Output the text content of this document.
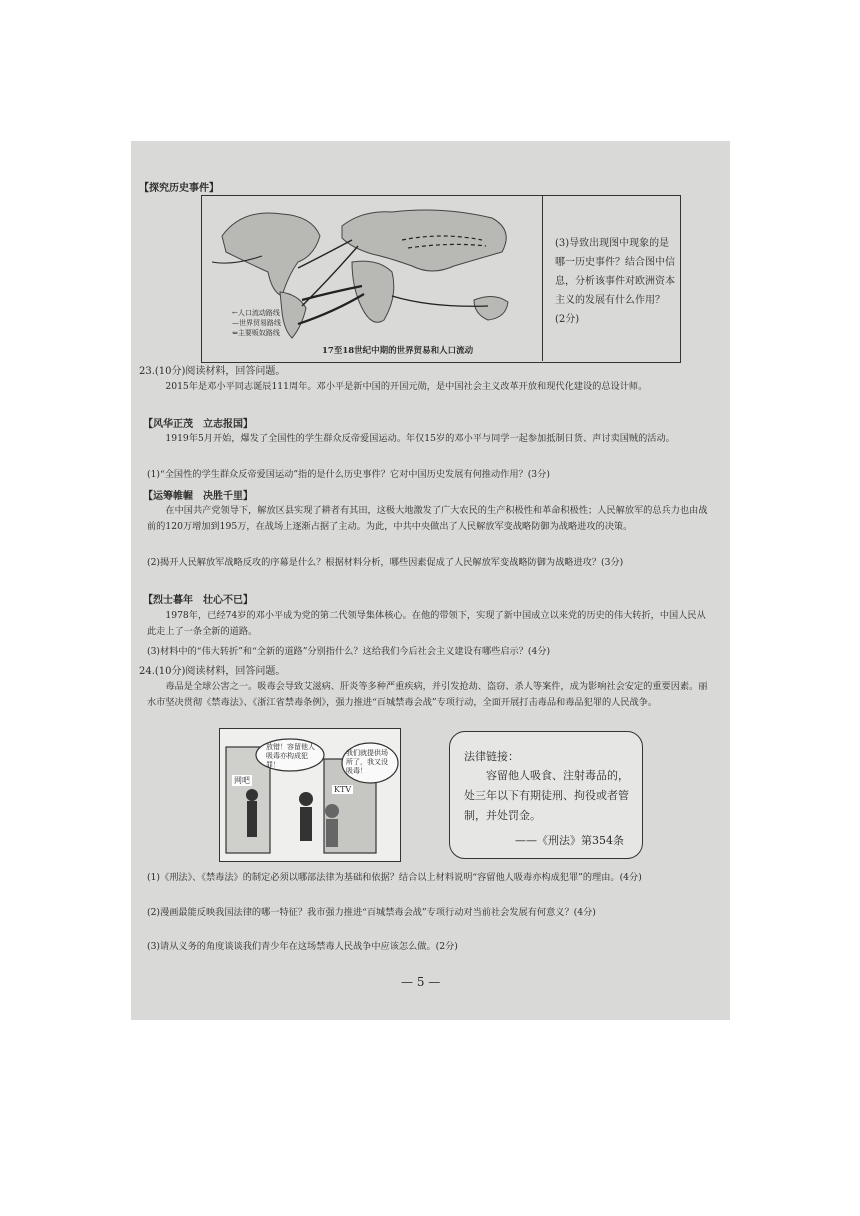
【探究历史事件】
←人口流动路线
—世界贸易路线
⇐主要贩奴路线
17至18世纪中期的世界贸易和人口流动
(3)导致出现图中现象的是哪一历史事件？结合图中信息，分析该事件对欧洲资本主义的发展有什么作用？(2分)
23.(10分)阅读材料，回答问题。
2015年是邓小平同志诞辰111周年。邓小平是新中国的开国元勋，是中国社会主义改革开放和现代化建设的总设计师。
【风华正茂　立志报国】
1919年5月开始，爆发了全国性的学生群众反帝爱国运动。年仅15岁的邓小平与同学一起参加抵制日货、声讨卖国贼的活动。
(1)“全国性的学生群众反帝爱国运动”指的是什么历史事件？它对中国历史发展有何推动作用？(3分)
【运筹帷幄　决胜千里】
在中国共产党领导下，解放区县实现了耕者有其田，这极大地激发了广大农民的生产积极性和革命积极性；人民解放军的总兵力也由战前的120万增加到195万，在战场上逐渐占据了主动。为此，中共中央做出了人民解放军变战略防御为战略进攻的决策。
(2)揭开人民解放军战略反攻的序幕是什么？根据材料分析，哪些因素促成了人民解放军变战略防御为战略进攻？(3分)
【烈士暮年　壮心不已】
1978年，已经74岁的邓小平成为党的第二代领导集体核心。在他的带领下，实现了新中国成立以来党的历史的伟大转折，中国人民从此走上了一条全新的道路。
(3)材料中的“伟大转折”和“全新的道路”分别指什么？这给我们今后社会主义建设有哪些启示？(4分)
24.(10分)阅读材料，回答问题。
毒品是全球公害之一。吸毒会导致艾滋病、肝炎等多种严重疾病，并引发抢劫、盗窃、杀人等案件，成为影响社会安定的重要因素。丽水市坚决贯彻《禁毒法》、《浙江省禁毒条例》，强力推进“百城禁毒会战”专项行动，全面开展打击毒品和毒品犯罪的人民战争。
放错！容留他人吸毒亦构成犯罪！
我们就提供场所了，我又没吸毒！
网吧
KTV
法律链接：
容留他人吸食、注射毒品的，处三年以下有期徒刑、拘役或者管制，并处罚金。
——《刑法》第354条
(1)《刑法》、《禁毒法》的制定必须以哪部法律为基础和依据？结合以上材料说明“容留他人吸毒亦构成犯罪”的理由。(4分)
(2)漫画最能反映我国法律的哪一特征？我市强力推进“百城禁毒会战”专项行动对当前社会发展有何意义？(4分)
(3)请从义务的角度谈谈我们青少年在这场禁毒人民战争中应该怎么做。(2分)
— 5 —
